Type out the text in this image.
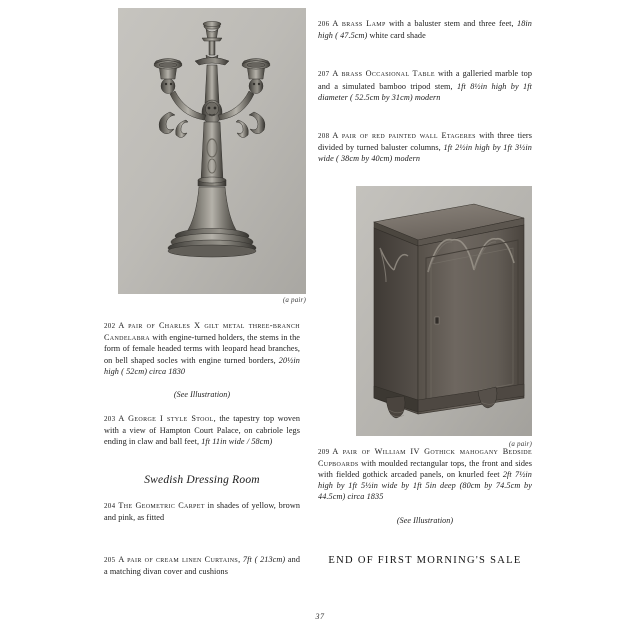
(a pair)
202 A pair of Charles X gilt metal three-branch Candelabra with engine-turned holders, the stems in the form of female headed terms with leopard head branches, on bell shaped socles with engine turned borders, 20½in high ( 52cm) circa 1830
(See Illustration)
203 A George I style Stool, the tapestry top woven with a view of Hampton Court Palace, on cabriole legs ending in claw and ball feet, 1ft 11in wide / 58cm)
Swedish Dressing Room
204 The Geometric Carpet in shades of yellow, brown and pink, as fitted
205 A pair of cream linen Curtains, 7ft ( 213cm) and a matching divan cover and cushions
206 A brass Lamp with a baluster stem and three feet, 18in high ( 47.5cm) white card shade
207 A brass Occasional Table with a galleried marble top and a simulated bamboo tripod stem, 1ft 8½in high by 1ft diameter ( 52.5cm by 31cm) modern
208 A pair of red painted wall Etageres with three tiers divided by turned baluster columns, 1ft 2½in high by 1ft 3½in wide ( 38cm by 40cm) modern
209 A pair of William IV Gothick mahogany Bedside Cupboards with moulded rectangular tops, the front and sides with fielded gothick arcaded panels, on knurled feet 2ft 7½in high by 1ft 5½in wide by 1ft 5in deep (80cm by 74.5cm by 44.5cm) circa 1835
(See Illustration)
END OF FIRST MORNING'S SALE
(a pair)
37
